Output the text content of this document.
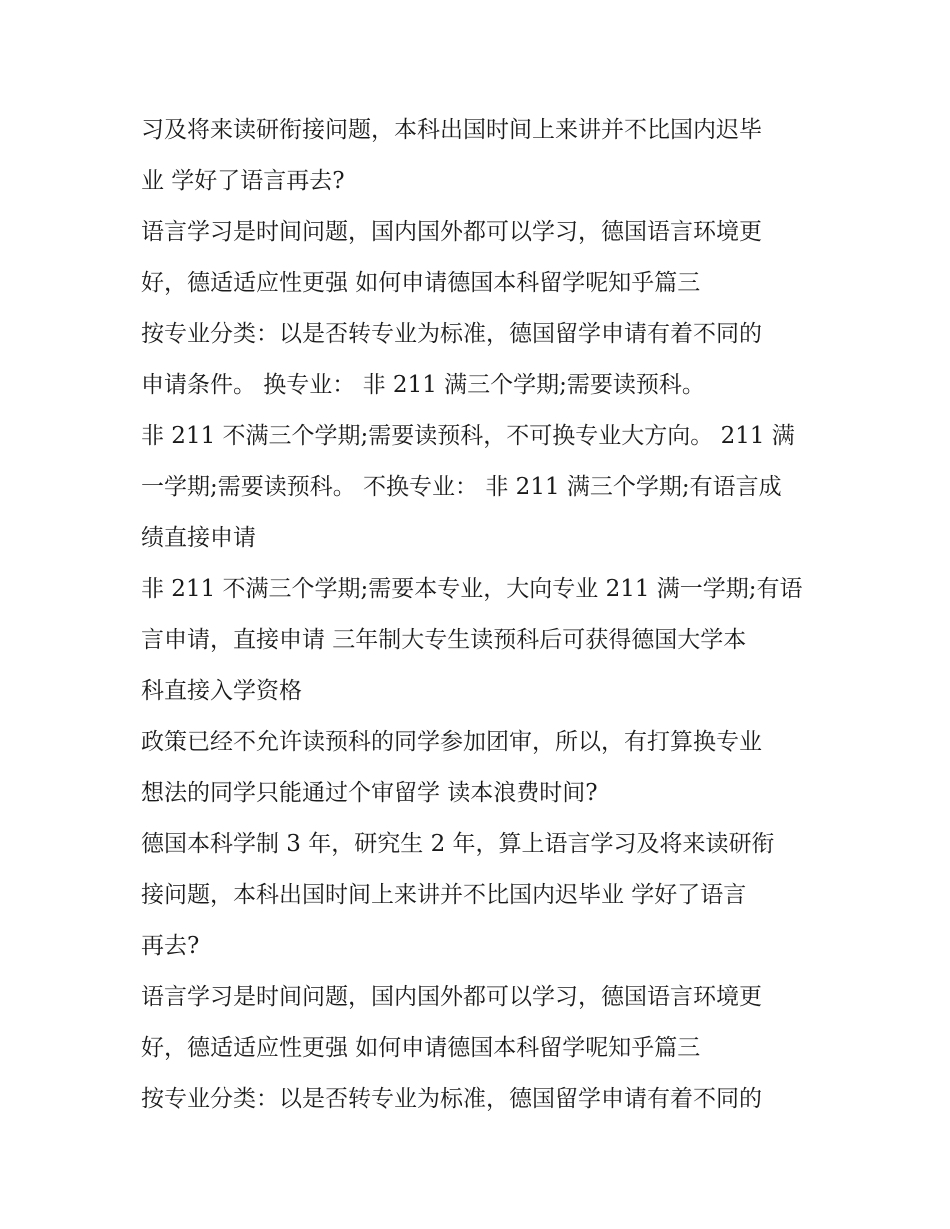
习及将来读研衔接问题，本科出国时间上来讲并不比国内迟毕
业 学好了语言再去?
语言学习是时间问题，国内国外都可以学习，德国语言环境更
好，德适适应性更强 如何申请德国本科留学呢知乎篇三
按专业分类：以是否转专业为标准，德国留学申请有着不同的
申请条件。 换专业： 非 211 满三个学期;需要读预科。
非 211 不满三个学期;需要读预科，不可换专业大方向。 211 满
一学期;需要读预科。 不换专业： 非 211 满三个学期;有语言成
绩直接申请
非 211 不满三个学期;需要本专业，大向专业 211 满一学期;有语
言申请，直接申请 三年制大专生读预科后可获得德国大学本
科直接入学资格
政策已经不允许读预科的同学参加团审，所以，有打算换专业
想法的同学只能通过个审留学 读本浪费时间?
德国本科学制 3 年，研究生 2 年，算上语言学习及将来读研衔
接问题，本科出国时间上来讲并不比国内迟毕业 学好了语言
再去?
语言学习是时间问题，国内国外都可以学习，德国语言环境更
好，德适适应性更强 如何申请德国本科留学呢知乎篇三
按专业分类：以是否转专业为标准，德国留学申请有着不同的
